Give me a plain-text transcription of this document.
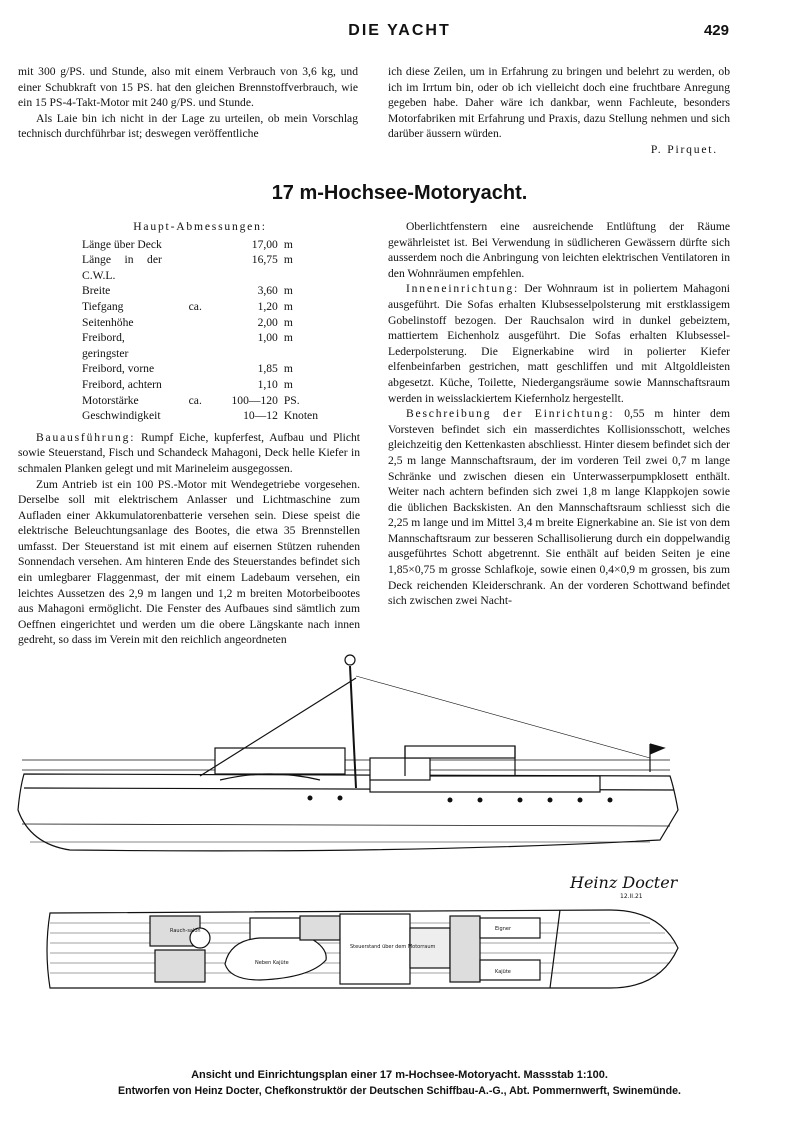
DIE YACHT	429

mit 300 g/PS. und Stunde, also mit einem Verbrauch von 3,6 kg, und einer Schubkraft von 15 PS. hat den gleichen Brennstoffverbrauch, wie ein 15 PS-4-Takt-Motor mit 240 g/PS. und Stunde.

Als Laie bin ich nicht in der Lage zu urteilen, ob mein Vorschlag technisch durchführbar ist; deswegen veröffentliche

ich diese Zeilen, um in Erfahrung zu bringen und belehrt zu werden, ob ich im Irrtum bin, oder ob ich vielleicht doch eine fruchtbare Anregung gegeben habe. Daher wäre ich dankbar, wenn Fachleute, besonders Motorfabriken mit Erfahrung und Praxis, dazu Stellung nehmen und sich darüber äussern würden.

P. Pirquet.

17 m-Hochsee-Motoryacht.
Haupt-Abmessungen:
Länge über Deck		17,00	m
Länge in der C.W.L.		16,75	m
Breite		3,60	m
Tiefgang	ca.	1,20	m
Seitenhöhe		2,00	m
Freibord, geringster		1,00	m
Freibord, vorne		1,85	m
Freibord, achtern		1,10	m
Motorstärke	ca.	100—120	PS.
Geschwindigkeit		10—12	Knoten

Bauausführung: Rumpf Eiche, kupferfest, Aufbau und Plicht sowie Steuerstand, Fisch und Schandeck Mahagoni, Deck helle Kiefer in schmalen Planken gelegt und mit Marineleim ausgegossen.

Zum Antrieb ist ein 100 PS.-Motor mit Wendegetriebe vorgesehen. Derselbe soll mit elektrischem Anlasser und Lichtmaschine zum Aufladen einer Akkumulatorenbatterie versehen sein. Diese speist die elektrische Beleuchtungsanlage des Bootes, die etwa 35 Brennstellen umfasst. Der Steuerstand ist mit einem auf eisernen Stützen ruhenden Sonnendach versehen. Am hinteren Ende des Steuerstandes befindet sich ein umlegbarer Flaggenmast, der mit einem Ladebaum versehen, ein leichtes Aussetzen des 2,9 m langen und 1,2 m breiten Motorbeibootes aus Mahagoni ermöglicht. Die Fenster des Aufbaues sind sämtlich zum Oeffnen eingerichtet und werden um die obere Längskante nach innen gedreht, so dass im Verein mit den reichlich angeordneten

Oberlichtfenstern eine ausreichende Entlüftung der Räume gewährleistet ist. Bei Verwendung in südlicheren Gewässern dürfte sich ausserdem noch die Anbringung von leichten elektrischen Ventilatoren in den Wohnräumen empfehlen.

Inneneinrichtung: Der Wohnraum ist in poliertem Mahagoni ausgeführt. Die Sofas erhalten Klubsesselpolsterung mit erstklassigem Gobelinstoff bezogen. Der Rauchsalon wird in dunkel gebeiztem, mattiertem Eichenholz ausgeführt. Die Sofas erhalten Klubsessel-Lederpolsterung. Die Eignerkabine wird in polierter Kiefer elfenbeinfarben gestrichen, matt geschliffen und mit Altgoldleisten abgesetzt. Küche, Toilette, Niedergangsräume sowie Mannschaftsraum werden in weisslackiertem Kiefernholz hergestellt.

Beschreibung der Einrichtung: 0,55 m hinter dem Vorsteven befindet sich ein masserdichtes Kollisionsschott, welches gleichzeitig den Kettenkasten abschliesst. Hinter diesem befindet sich der 2,5 m lange Mannschaftsraum, der im vorderen Teil zwei 0,7 m lange Schränke und zwischen diesen ein Unterwasserpumpklosett enthält. Weiter nach achtern befinden sich zwei 1,8 m lange Klappkojen sowie die üblichen Backskisten. An den Mannschaftsraum schliesst sich die 2,25 m lange und im Mittel 3,4 m breite Eignerkabine an. Sie ist von dem Mannschaftsraum zur besseren Schallisolierung durch ein doppelwandig ausgeführtes Schott abgetrennt. Sie enthält auf beiden Seiten je eine 1,85×0,75 m grosse Schlafkoje, sowie einen 0,4×0,9 m grossen, bis zum Deck reichenden Kleiderschrank. An der vorderen Schottwand befindet sich zwischen zwei Nacht-

Heinz Docter
12.II.21
Rauch-salon
Neben Kajüte
Steuerstand über dem Motorraum
Eigner
Kajüte
Ansicht und Einrichtungsplan einer 17 m-Hochsee-Motoryacht. Massstab 1:100.
Entworfen von Heinz Docter, Chefkonstruktör der Deutschen Schiffbau-A.-G., Abt. Pommernwerft, Swinemünde.
